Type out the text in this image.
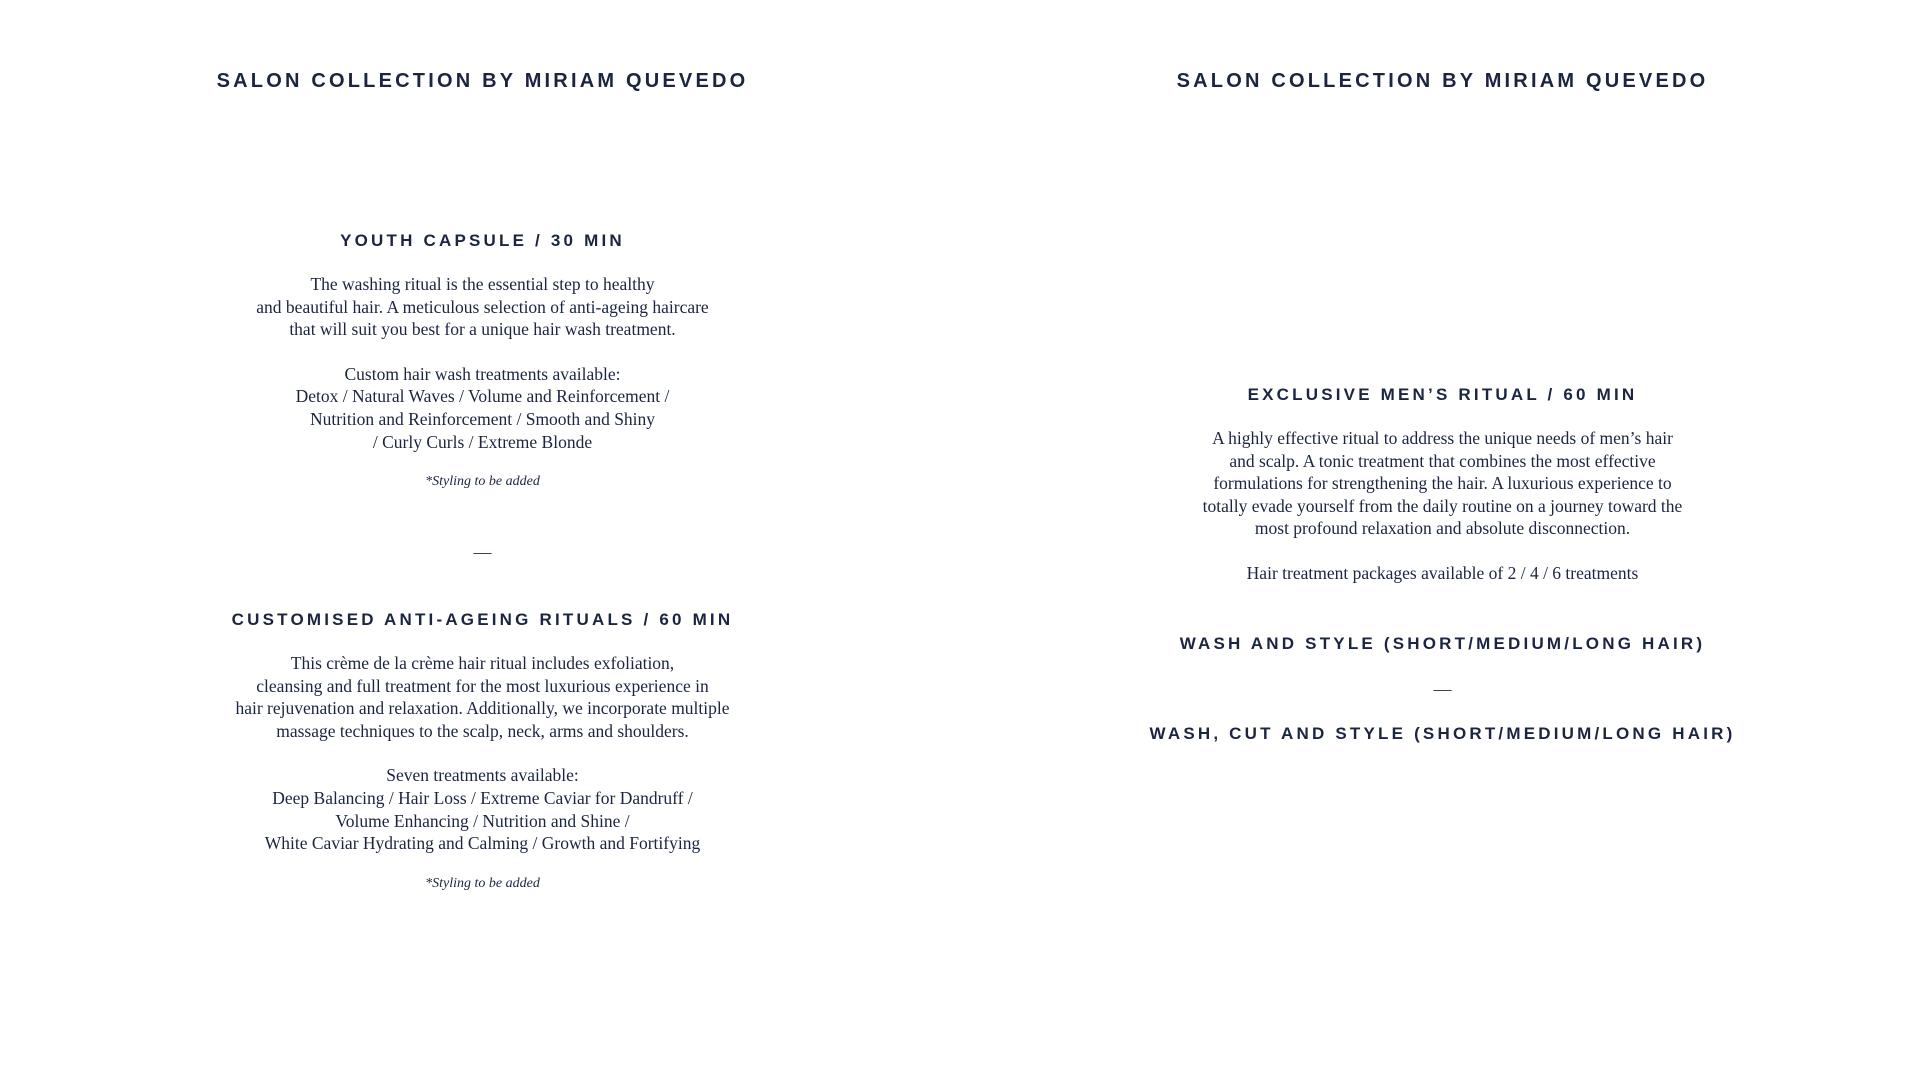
SALON COLLECTION BY MIRIAM QUEVEDO
YOUTH CAPSULE / 30 MIN

The washing ritual is the essential step to healthy
and beautiful hair. A meticulous selection of anti-ageing haircare
that will suit you best for a unique hair wash treatment.

Custom hair wash treatments available:
Detox / Natural Waves / Volume and Reinforcement /
Nutrition and Reinforcement / Smooth and Shiny
/ Curly Curls / Extreme Blonde

*Styling to be added
—
CUSTOMISED ANTI-AGEING RITUALS / 60 MIN

This crème de la crème hair ritual includes exfoliation,
cleansing and full treatment for the most luxurious experience in
hair rejuvenation and relaxation. Additionally, we incorporate multiple
massage techniques to the scalp, neck, arms and shoulders.

Seven treatments available:
Deep Balancing / Hair Loss / Extreme Caviar for Dandruff /
Volume Enhancing / Nutrition and Shine /
White Caviar Hydrating and Calming / Growth and Fortifying

*Styling to be added
SALON COLLECTION BY MIRIAM QUEVEDO
EXCLUSIVE MEN’S RITUAL / 60 MIN

A highly effective ritual to address the unique needs of men’s hair
and scalp. A tonic treatment that combines the most effective
formulations for strengthening the hair. A luxurious experience to
totally evade yourself from the daily routine on a journey toward the
most profound relaxation and absolute disconnection.

Hair treatment packages available of 2 / 4 / 6 treatments

WASH AND STYLE (SHORT/MEDIUM/LONG HAIR)
—
WASH, CUT AND STYLE (SHORT/MEDIUM/LONG HAIR)
